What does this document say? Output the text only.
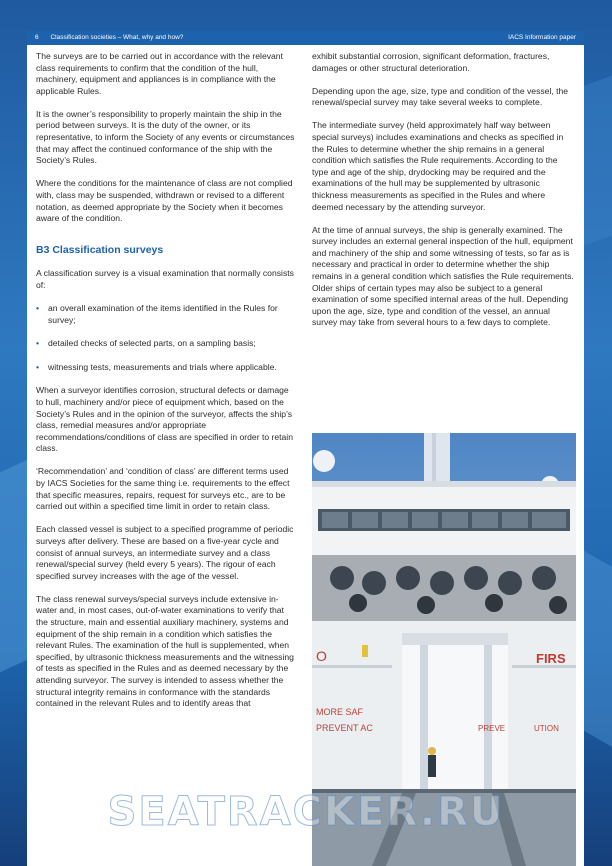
6 Classification societies – What, why and how?	IACS Information paper

The surveys are to be carried out in accordance with the relevant class requirements to confirm that the condition of the hull, machinery, equipment and appliances is in compliance with the applicable Rules.

It is the owner’s responsibility to properly maintain the ship in the period between surveys. It is the duty of the owner, or its representative, to inform the Society of any events or circumstances that may affect the continued conformance of the ship with the Society’s Rules.

Where the conditions for the maintenance of class are not complied with, class may be suspended, withdrawn or revised to a different notation, as deemed appropriate by the Society when it becomes aware of the condition.

B3 Classification surveys

A classification survey is a visual examination that normally consists of:

• an overall examination of the items identified in the Rules for survey;
• detailed checks of selected parts, on a sampling basis;
• witnessing tests, measurements and trials where applicable.

When a surveyor identifies corrosion, structural defects or damage to hull, machinery and/or piece of equipment which, based on the Society’s Rules and in the opinion of the surveyor, affects the ship’s class, remedial measures and/or appropriate recommendations/conditions of class are specified in order to retain class.

‘Recommendation’ and ‘condition of class’ are different terms used by IACS Societies for the same thing i.e. requirements to the effect that specific measures, repairs, request for surveys etc., are to be carried out within a specified time limit in order to retain class.

Each classed vessel is subject to a specified programme of periodic surveys after delivery. These are based on a five-year cycle and consist of annual surveys, an intermediate survey and a class renewal/special survey (held every 5 years). The rigour of each specified survey increases with the age of the vessel.

The class renewal surveys/special surveys include extensive in-water and, in most cases, out-of-water examinations to verify that the structure, main and essential auxiliary machinery, systems and equipment of the ship remain in a condition which satisfies the relevant Rules. The examination of the hull is supplemented, when specified, by ultrasonic thickness measurements and the witnessing of tests as specified in the Rules and as deemed necessary by the attending surveyor. The survey is intended to assess whether the structural integrity remains in conformance with the standards contained in the relevant Rules and to identify areas that

exhibit substantial corrosion, significant deformation, fractures, damages or other structural deterioration.

Depending upon the age, size, type and condition of the vessel, the renewal/special survey may take several weeks to complete.

The intermediate survey (held approximately half way between special surveys) includes examinations and checks as specified in the Rules to determine whether the ship remains in a general condition which satisfies the Rule requirements. According to the type and age of the ship, drydocking may be required and the examinations of the hull may be supplemented by ultrasonic thickness measurements as specified in the Rules and where deemed necessary by the attending surveyor.

At the time of annual surveys, the ship is generally examined. The survey includes an external general inspection of the hull, equipment and machinery of the ship and some witnessing of tests, so far as is necessary and practical in order to determine whether the ship remains in a general condition which satisfies the Rule requirements. Older ships of certain types may also be subject to a general examination of some specified internal areas of the hull. Depending upon the age, size, type and condition of the vessel, an annual survey may take from several hours to a few days to complete.

O	FIRS
MORE SAF
PREVENT AC	PREVE	UTION
SEATRACKER.RU
